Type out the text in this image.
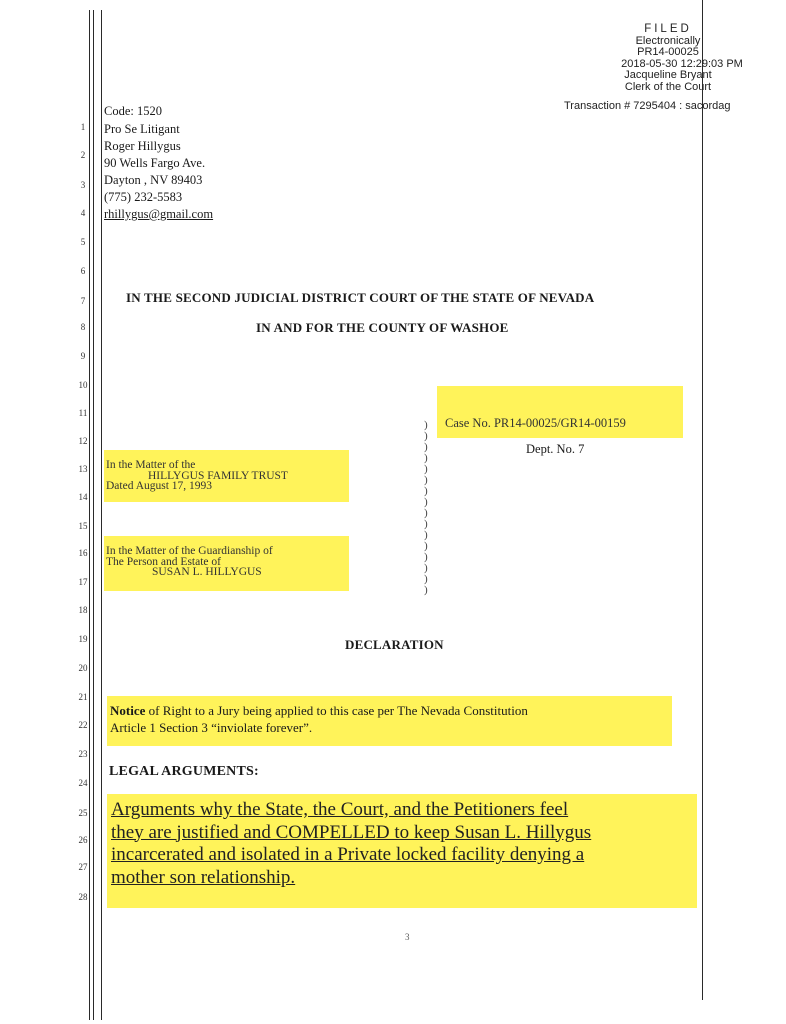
FILED
Electronically
PR14-00025
2018-05-30 12:29:03 PM
Jacqueline Bryant
Clerk of the Court
Transaction # 7295404 : sacordag
1
2
3
4
5
6
7
8
9
10
11
12
13
14
15
16
17
18
19
20
21
22
23
24
25
26
27
28
Code: 1520
Pro Se Litigant
Roger Hillygus
90 Wells Fargo Ave.
Dayton , NV 89403
(775) 232-5583
rhillygus@gmail.com
IN THE SECOND JUDICIAL DISTRICT COURT OF THE STATE OF NEVADA
IN AND FOR THE COUNTY OF WASHOE
Case No. PR14-00025/GR14-00159
Dept. No. 7
)
)
)
)
)
)
)
)
)
)
)
)
)
)
)
)
In the Matter of the
HILLYGUS FAMILY TRUST
Dated August 17, 1993
In the Matter of the Guardianship of
The Person and Estate of
SUSAN L. HILLYGUS
DECLARATION
Notice of Right to a Jury being applied to this case per The Nevada Constitution
Article 1 Section 3 “inviolate forever”.
LEGAL ARGUMENTS:
Arguments why the State, the Court, and the Petitioners feel
they are justified and COMPELLED to keep Susan L. Hillygus
incarcerated and isolated in a Private locked facility denying a
mother son relationship.
3
